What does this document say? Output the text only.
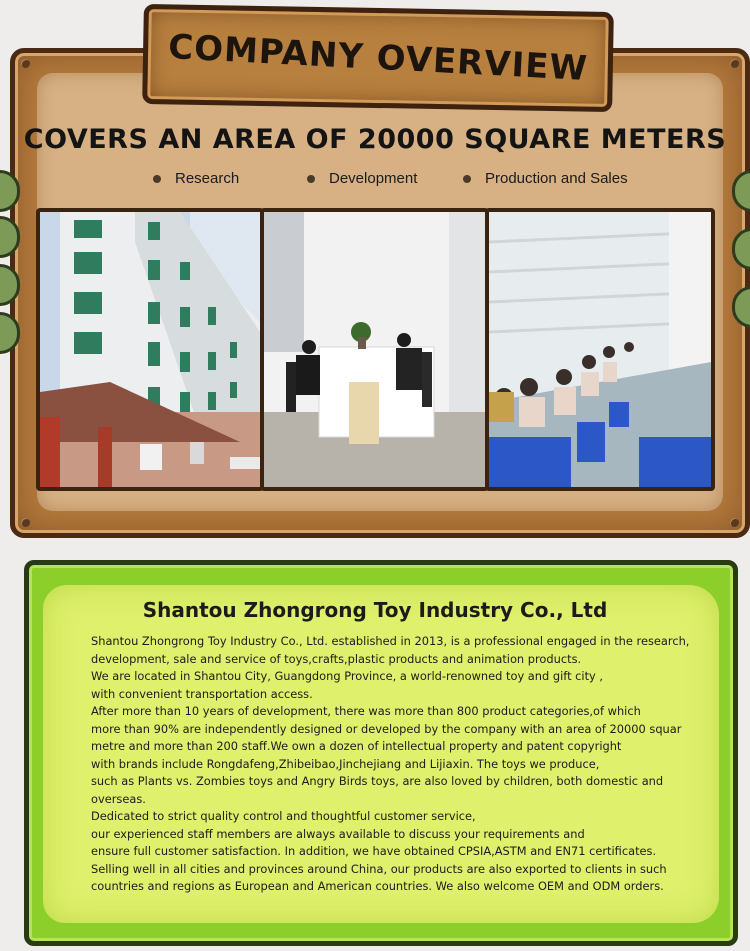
COMPANY OVERVIEW
COVERS AN AREA OF 20000 SQUARE METERS
Research	Development	Production and Sales
Shantou Zhongrong Toy Industry Co., Ltd
Shantou Zhongrong Toy Industry Co., Ltd. established in 2013, is a professional engaged in the research,
development, sale and service of toys,crafts,plastic products and animation products.
We are located in Shantou City, Guangdong Province, a world-renowned toy and gift city ,
with convenient transportation access.
After more than 10 years of development, there was more than 800 product categories,of which
more than 90% are independently designed or developed by the company with an area of 20000 squar
metre and more than 200 staff.We own a dozen of intellectual property and patent copyright
with brands include Rongdafeng,Zhibeibao,Jinchejiang and Lijiaxin. The toys we produce,
such as Plants vs. Zombies toys and Angry Birds toys, are also loved by children, both domestic and
overseas.
Dedicated to strict quality control and thoughtful customer service,
our experienced staff members are always available to discuss your requirements and
ensure full customer satisfaction. In addition, we have obtained CPSIA,ASTM and EN71 certificates.
Selling well in all cities and provinces around China, our products are also exported to clients in such
countries and regions as European and American countries. We also welcome OEM and ODM orders.
